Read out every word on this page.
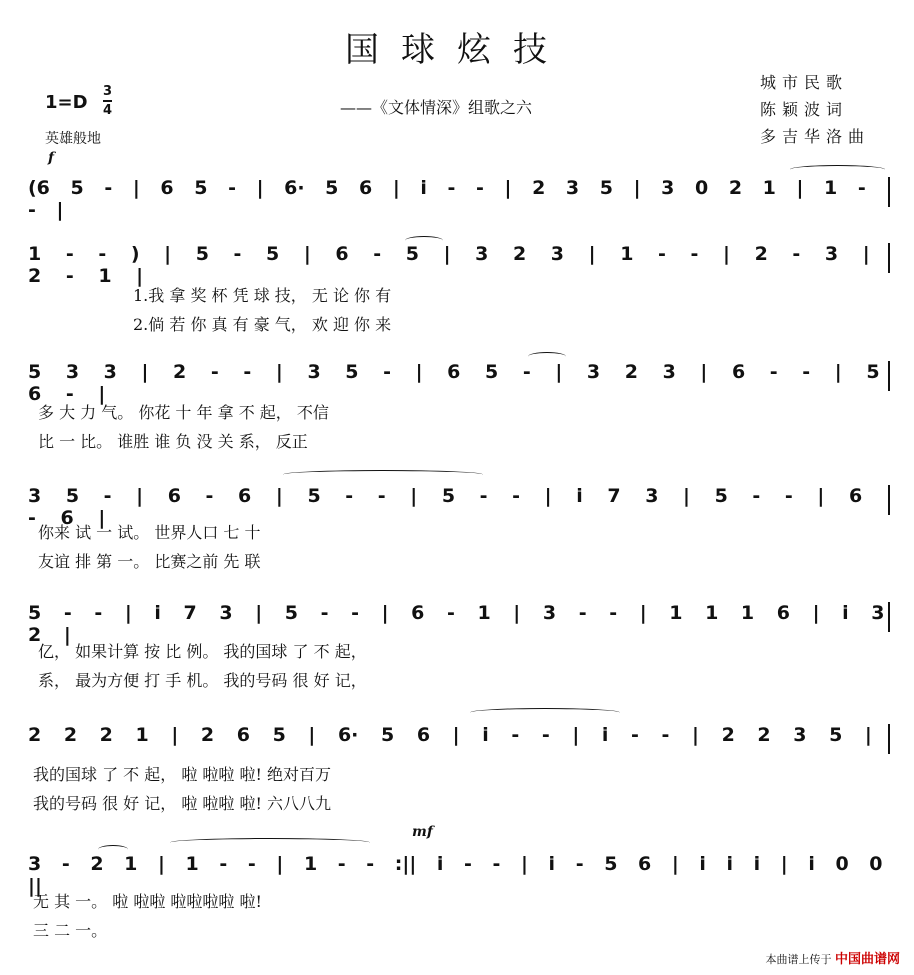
国球炫技
——《文体情深》组歌之六
城市民歌
陈颖波词
多吉华洛曲
1=D
3
4
英雄般地
f
mf
(6 5 - | 6 5 - | 6· 5 6 | i - - | 2 3 5 | 3 0 2 1 | 1 - - |
1 - - ) | 5 - 5 | 6 - 5 | 3 2 3 | 1 - - | 2 - 3 | 2 - 1 |
1.我 拿 奖 杯 凭 球 技， 无 论 你 有
2.倘 若 你 真 有 豪 气， 欢 迎 你 来
5 3 3 | 2 - - | 3 5 - | 6 5 - | 3 2 3 | 6 - - | 5 6 - |
多 大 力 气。 你花 十 年 拿 不 起， 不信
比 一 比。 谁胜 谁 负 没 关 系， 反正
3 5 - | 6 - 6 | 5 - - | 5 - - | i 7 3 | 5 - - | 6 - 6 |
你来 试 一 试。 世界人口 七 十
友谊 排 第 一。 比赛之前 先 联
5 - - | i 7 3 | 5 - - | 6 - 1 | 3 - - | 1 1 1 6 | i 3 2 |
亿， 如果计算 按 比 例。 我的国球 了 不 起，
系， 最为方便 打 手 机。 我的号码 很 好 记，
2 2 2 1 | 2 6 5 | 6· 5 6 | i - - | i - - | 2 2 3 5 |
我的国球 了 不 起， 啦 啦啦 啦! 绝对百万
我的号码 很 好 记， 啦 啦啦 啦! 六八八九
3 - 2 1 | 1 - - | 1 - - :|| i - - | i - 5 6 | i i i | i 0 0 ||
无 其 一。 啦 啦啦 啦啦啦啦 啦!
三 二 一。
本曲谱上传于 中国曲谱网
